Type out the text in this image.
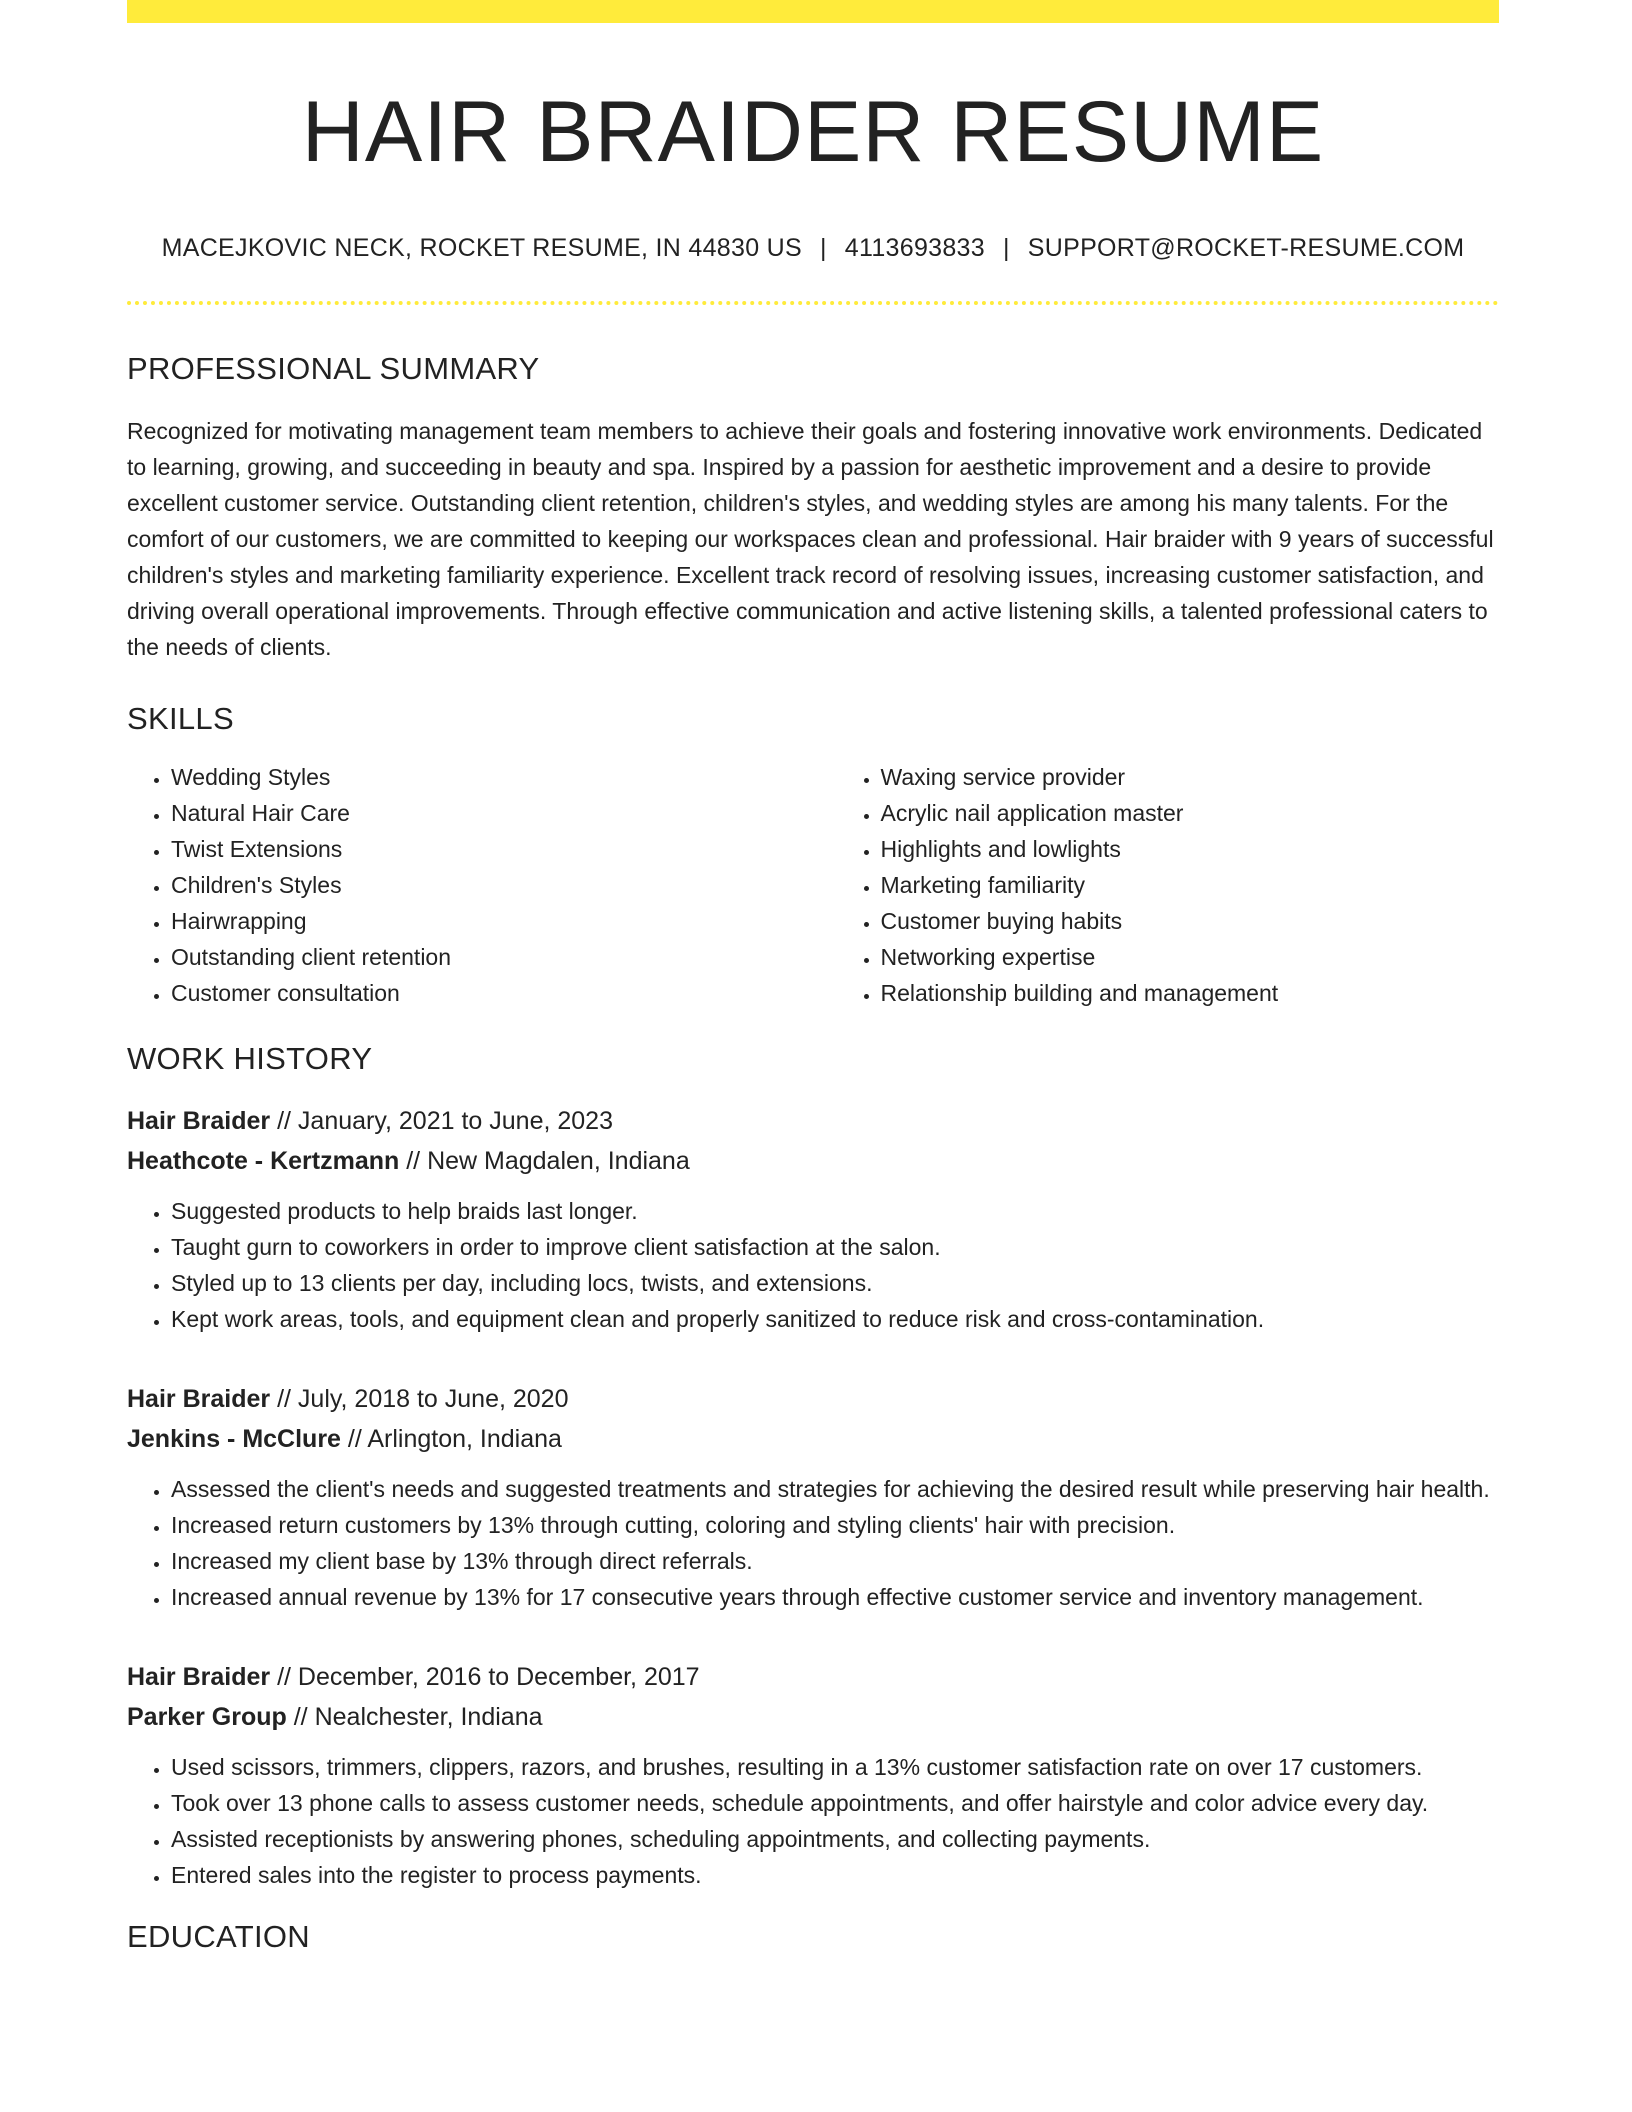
HAIR BRAIDER RESUME
MACEJKOVIC NECK, ROCKET RESUME, IN 44830 US | 4113693833 | SUPPORT@ROCKET-RESUME.COM
PROFESSIONAL SUMMARY

Recognized for motivating management team members to achieve their goals and fostering innovative work environments. Dedicated to learning, growing, and succeeding in beauty and spa. Inspired by a passion for aesthetic improvement and a desire to provide excellent customer service. Outstanding client retention, children's styles, and wedding styles are among his many talents. For the comfort of our customers, we are committed to keeping our workspaces clean and professional. Hair braider with 9 years of successful children's styles and marketing familiarity experience. Excellent track record of resolving issues, increasing customer satisfaction, and driving overall operational improvements. Through effective communication and active listening skills, a talented professional caters to the needs of clients.

SKILLS
• Wedding Styles
• Natural Hair Care
• Twist Extensions
• Children's Styles
• Hairwrapping
• Outstanding client retention
• Customer consultation
• Waxing service provider
• Acrylic nail application master
• Highlights and lowlights
• Marketing familiarity
• Customer buying habits
• Networking expertise
• Relationship building and management
WORK HISTORY
Hair Braider // January, 2021 to June, 2023
Heathcote - Kertzmann // New Magdalen, Indiana
• Suggested products to help braids last longer.
• Taught gurn to coworkers in order to improve client satisfaction at the salon.
• Styled up to 13 clients per day, including locs, twists, and extensions.
• Kept work areas, tools, and equipment clean and properly sanitized to reduce risk and cross-contamination.
Hair Braider // July, 2018 to June, 2020
Jenkins - McClure // Arlington, Indiana
• Assessed the client's needs and suggested treatments and strategies for achieving the desired result while preserving hair health.
• Increased return customers by 13% through cutting, coloring and styling clients' hair with precision.
• Increased my client base by 13% through direct referrals.
• Increased annual revenue by 13% for 17 consecutive years through effective customer service and inventory management.
Hair Braider // December, 2016 to December, 2017
Parker Group // Nealchester, Indiana
• Used scissors, trimmers, clippers, razors, and brushes, resulting in a 13% customer satisfaction rate on over 17 customers.
• Took over 13 phone calls to assess customer needs, schedule appointments, and offer hairstyle and color advice every day.
• Assisted receptionists by answering phones, scheduling appointments, and collecting payments.
• Entered sales into the register to process payments.
EDUCATION
